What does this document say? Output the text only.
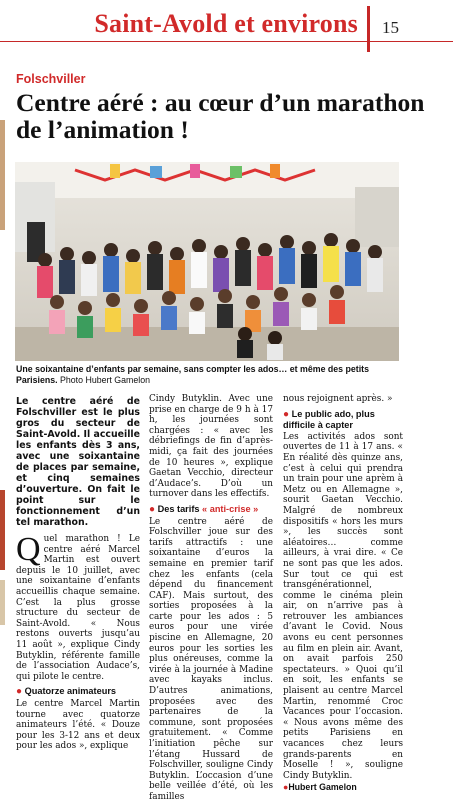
Saint-Avold et environs 15
Folschviller
Centre aéré : au cœur d’un marathon de l’animation !
Une soixantaine d’enfants par semaine, sans compter les ados… et même des petits Parisiens. Photo Hubert Gamelon

Le centre aéré de Folschviller est le plus gros du secteur de Saint-Avold. Il accueille les enfants dès 3 ans, avec une soixantaine de places par semaine, et cinq semaines d’ouverture. On fait le point sur le fonctionnement d’un tel marathon.

Quel marathon ! Le centre aéré Marcel Martin est ouvert depuis le 10 juillet, avec une soixantaine d’enfants accueillis chaque semaine. C’est la plus grosse structure du secteur de Saint-Avold. « Nous restons ouverts jusqu’au 11 août », explique Cindy Butyklin, référente famille de l’association Audace’s, qui pilote le centre.

● Quatorze animateurs

Le centre Marcel Martin tourne avec quatorze animateurs l’été. « Douze pour les 3-12 ans et deux pour les ados », explique

Cindy Butyklin. Avec une prise en charge de 9 h à 17 h, les journées sont chargées : « avec les débriefings de fin d’après-midi, ça fait des journées de 10 heures », explique Gaetan Vecchio, directeur d’Audace’s. D’où un turnover dans les effectifs.

● Des tarifs « anti-crise »

Le centre aéré de Folschviller joue sur des tarifs attractifs : une soixantaine d’euros la semaine en premier tarif chez les enfants (cela dépend du financement CAF). Mais surtout, des sorties proposées à la carte pour les ados : 5 euros pour une virée piscine en Allemagne, 20 euros pour les sorties les plus onéreuses, comme la virée à la journée à Madine avec kayaks inclus. D’autres animations, proposées avec des partenaires de la commune, sont proposées gratuitement. « Comme l’initiation pêche sur l’étang Hussard de Folschviller, souligne Cindy Butyklin. L’occasion d’une belle veillée d’été, où les familles

nous rejoignent après. »

● Le public ado, plus difficile à capter

Les activités ados sont ouvertes de 11 à 17 ans. « En réalité dès quinze ans, c’est à celui qui prendra un train pour une aprèm à Metz ou en Allemagne », sourit Gaetan Vecchio. Malgré de nombreux dispositifs « hors les murs », les succès sont aléatoires… comme ailleurs, à vrai dire. « Ce ne sont pas que les ados. Sur tout ce qui est transgénérationnel, comme le cinéma plein air, on n’arrive pas à retrouver les ambiances d’avant le Covid. Nous avons eu cent personnes au film en plein air. Avant, on avait parfois 250 spectateurs. » Quoi qu’il en soit, les enfants se plaisent au centre Marcel Martin, renommé Croc Vacances pour l’occasion. « Nous avons même des petits Parisiens en vacances chez leurs grands-parents en Moselle ! », souligne Cindy Butyklin.

●Hubert Gamelon
